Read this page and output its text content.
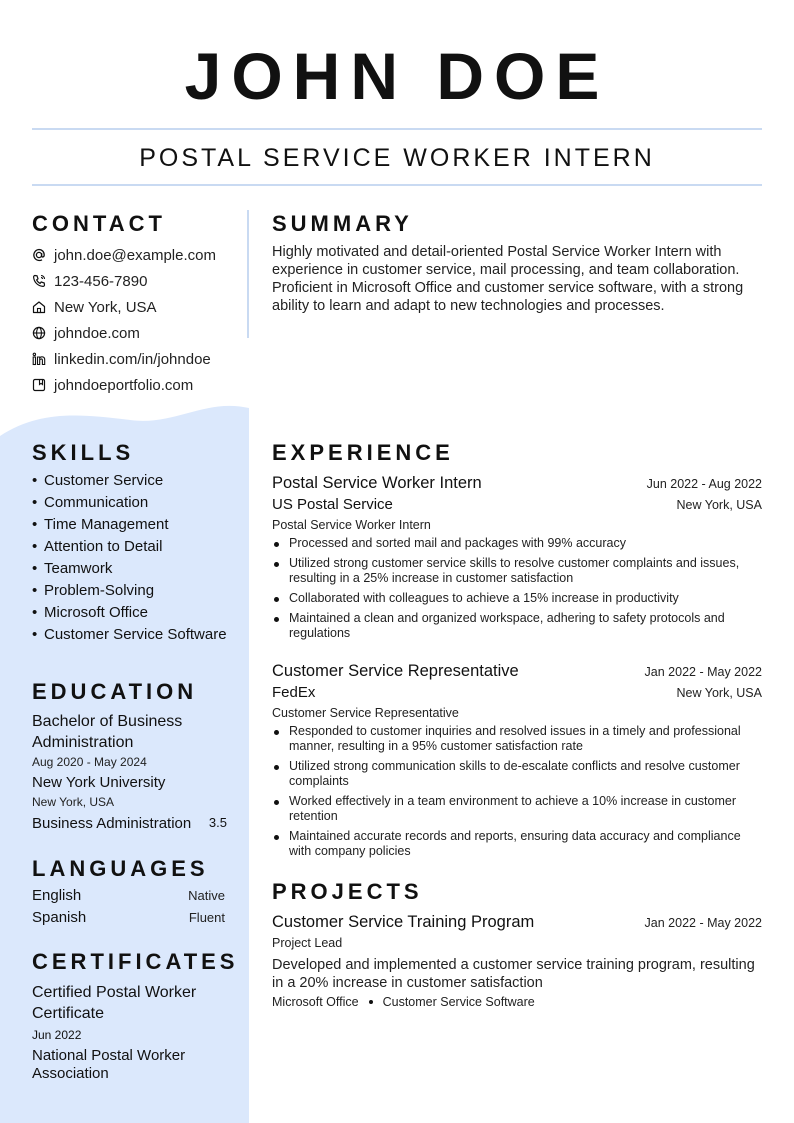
JOHN DOE
POSTAL SERVICE WORKER INTERN
CONTACT
john.doe@example.com
123-456-7890
New York, USA
johndoe.com
linkedin.com/in/johndoe
johndoeportfolio.com
SKILLS
• Customer Service
• Communication
• Time Management
• Attention to Detail
• Teamwork
• Problem-Solving
• Microsoft Office
• Customer Service Software
EDUCATION
Bachelor of Business Administration
Aug 2020 - May 2024
New York University
New York, USA
Business Administration 3.5
LANGUAGES
English	Native
Spanish	Fluent
CERTIFICATES
Certified Postal Worker Certificate
Jun 2022
National Postal Worker Association
SUMMARY

Highly motivated and detail-oriented Postal Service Worker Intern with experience in customer service, mail processing, and team collaboration. Proficient in Microsoft Office and customer service software, with a strong ability to learn and adapt to new technologies and processes.

EXPERIENCE
Postal Service Worker Intern	Jun 2022 - Aug 2022
US Postal Service	New York, USA
Postal Service Worker Intern
Processed and sorted mail and packages with 99% accuracy
Utilized strong customer service skills to resolve customer complaints and issues, resulting in a 25% increase in customer satisfaction
Collaborated with colleagues to achieve a 15% increase in productivity
Maintained a clean and organized workspace, adhering to safety protocols and regulations
Customer Service Representative	Jan 2022 - May 2022
FedEx	New York, USA
Customer Service Representative
Responded to customer inquiries and resolved issues in a timely and professional manner, resulting in a 95% customer satisfaction rate
Utilized strong communication skills to de-escalate conflicts and resolve customer complaints
Worked effectively in a team environment to achieve a 10% increase in customer retention
Maintained accurate records and reports, ensuring data accuracy and compliance with company policies
PROJECTS
Customer Service Training Program	Jan 2022 - May 2022
Project Lead
Developed and implemented a customer service training program, resulting in a 20% increase in customer satisfaction
Microsoft Office Customer Service Software
